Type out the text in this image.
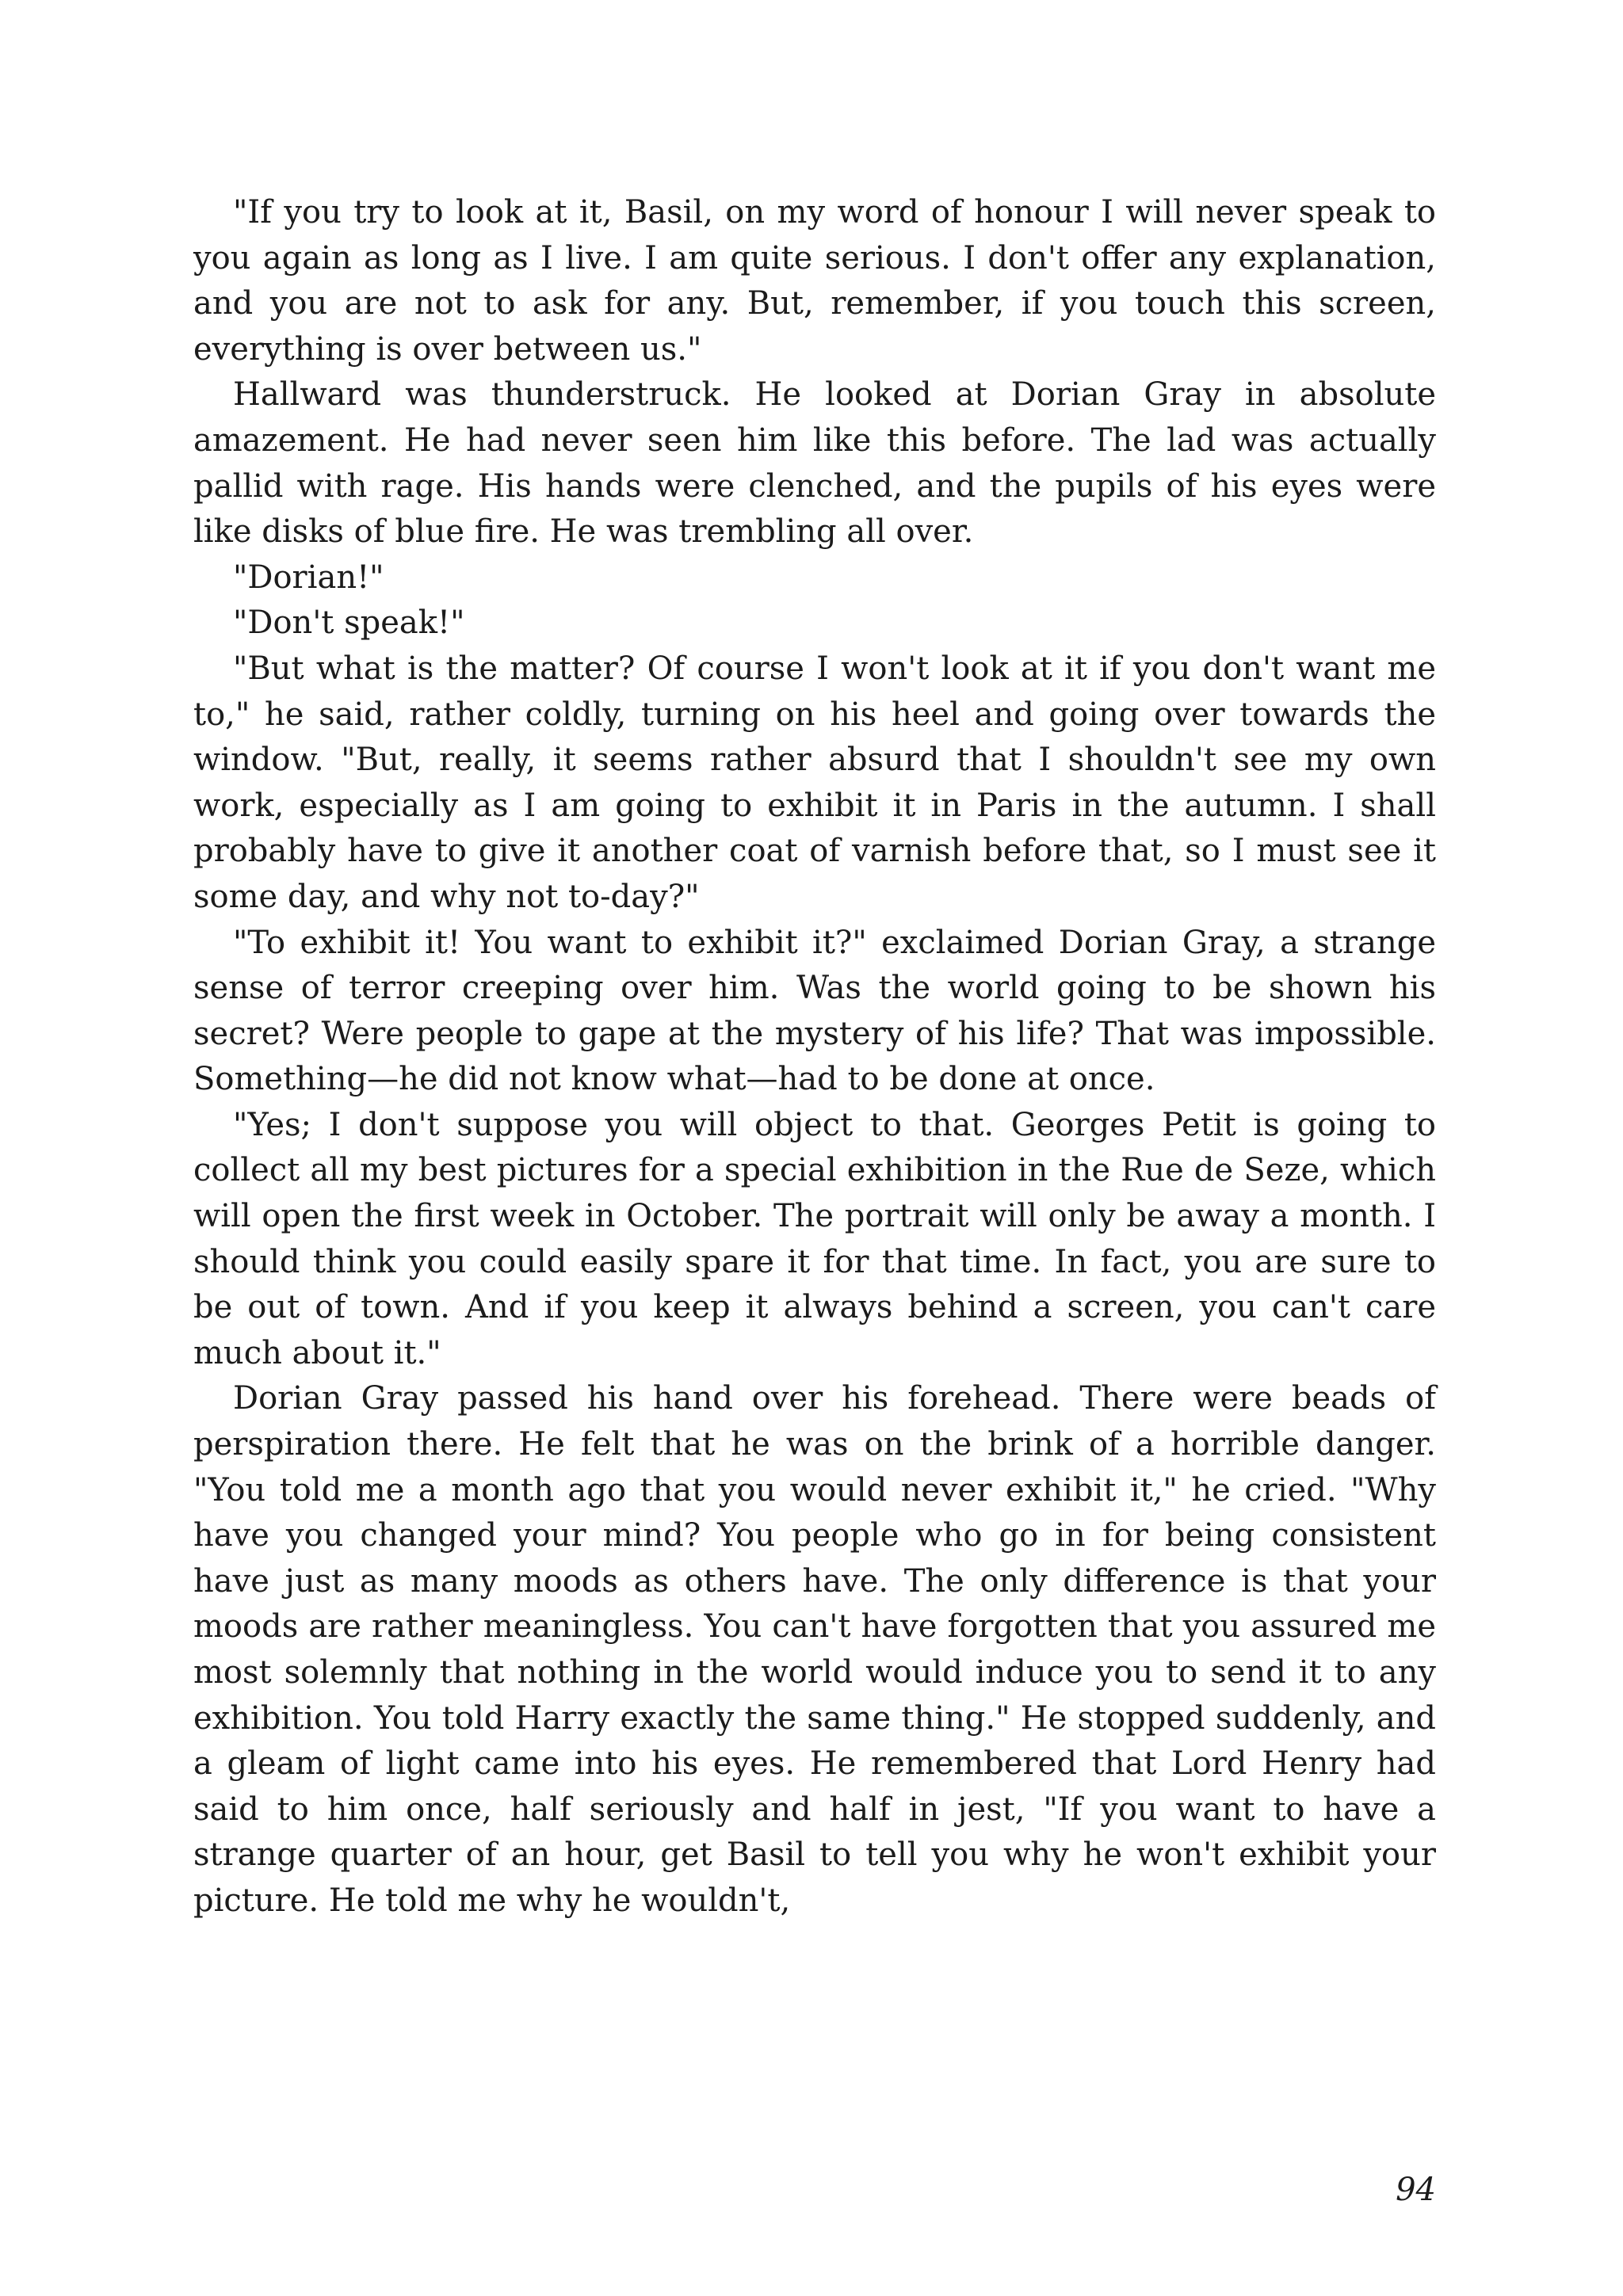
"If you try to look at it, Basil, on my word of honour I will never speak to you again as long as I live. I am quite serious. I don't offer any explanation, and you are not to ask for any. But, remember, if you touch this screen, everything is over between us."

Hallward was thunderstruck. He looked at Dorian Gray in absolute amazement. He had never seen him like this before. The lad was actually pallid with rage. His hands were clenched, and the pupils of his eyes were like disks of blue fire. He was trembling all over.

"Dorian!"

"Don't speak!"

"But what is the matter? Of course I won't look at it if you don't want me to," he said, rather coldly, turning on his heel and going over towards the window. "But, really, it seems rather absurd that I shouldn't see my own work, especially as I am going to exhibit it in Paris in the autumn. I shall probably have to give it another coat of varnish before that, so I must see it some day, and why not to-day?"

"To exhibit it! You want to exhibit it?" exclaimed Dorian Gray, a strange sense of terror creeping over him. Was the world going to be shown his secret? Were people to gape at the mystery of his life? That was impossible. Something—he did not know what—had to be done at once.

"Yes; I don't suppose you will object to that. Georges Petit is going to collect all my best pictures for a special exhibition in the Rue de Seze, which will open the first week in October. The portrait will only be away a month. I should think you could easily spare it for that time. In fact, you are sure to be out of town. And if you keep it always behind a screen, you can't care much about it."

Dorian Gray passed his hand over his forehead. There were beads of perspiration there. He felt that he was on the brink of a horrible danger. "You told me a month ago that you would never exhibit it," he cried. "Why have you changed your mind? You people who go in for being consistent have just as many moods as others have. The only difference is that your moods are rather meaningless. You can't have forgotten that you assured me most solemnly that nothing in the world would induce you to send it to any exhibition. You told Harry exactly the same thing." He stopped suddenly, and a gleam of light came into his eyes. He remembered that Lord Henry had said to him once, half seriously and half in jest, "If you want to have a strange quarter of an hour, get Basil to tell you why he won't exhibit your picture. He told me why he wouldn't,

94
